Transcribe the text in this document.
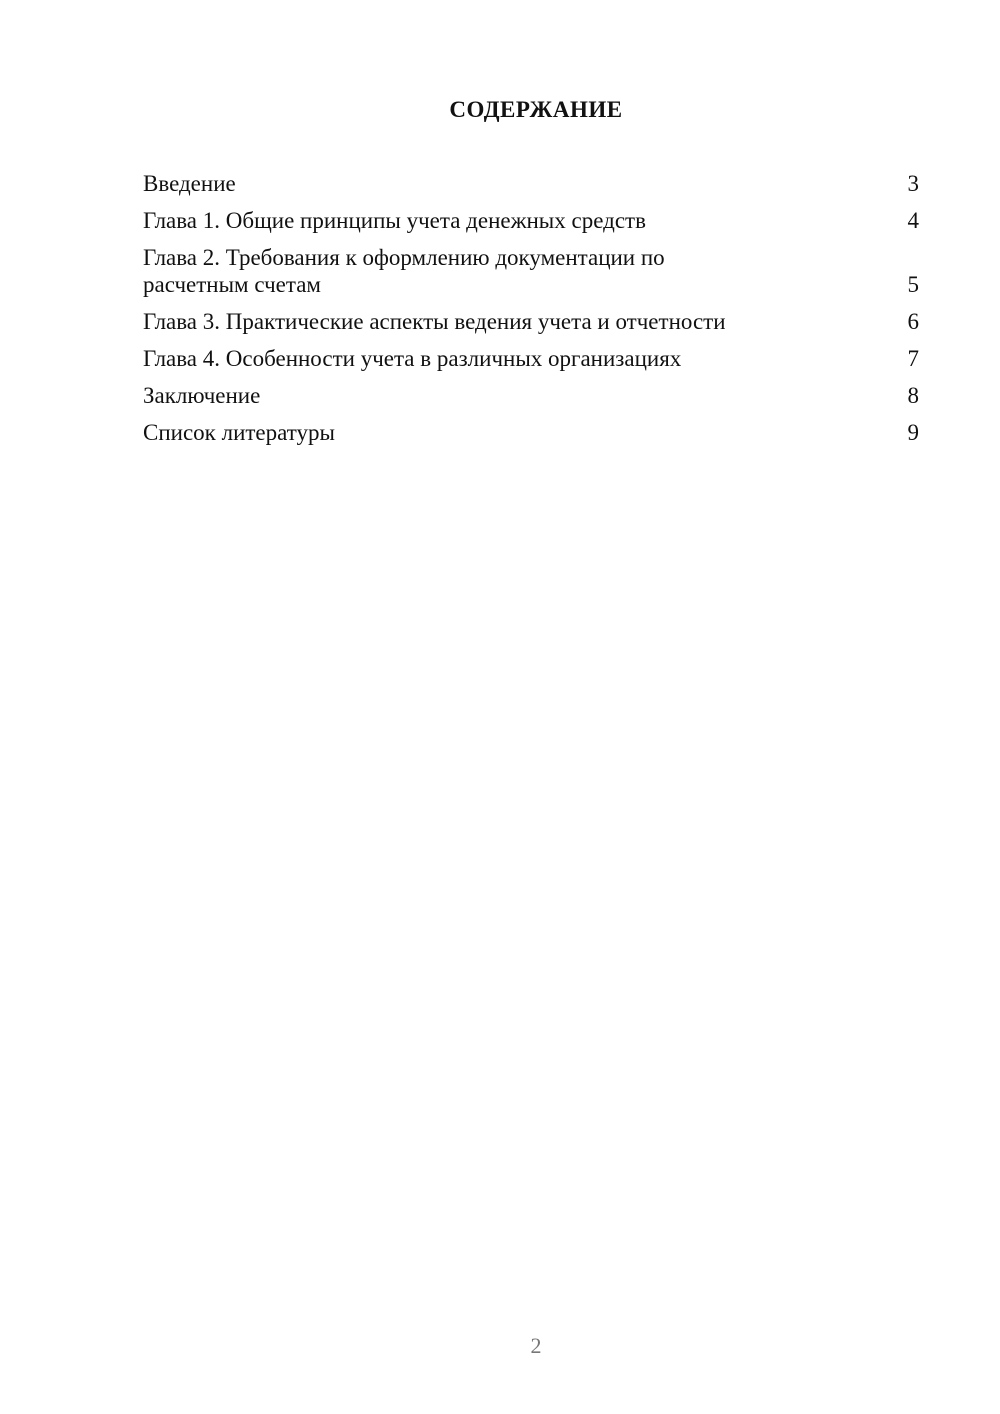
СОДЕРЖАНИЕ
Введение	3
Глава 1. Общие принципы учета денежных средств	4
Глава 2. Требования к оформлению документации по
расчетным счетам	5
Глава 3. Практические аспекты ведения учета и отчетности	6
Глава 4. Особенности учета в различных организациях	7
Заключение	8
Список литературы	9
2
